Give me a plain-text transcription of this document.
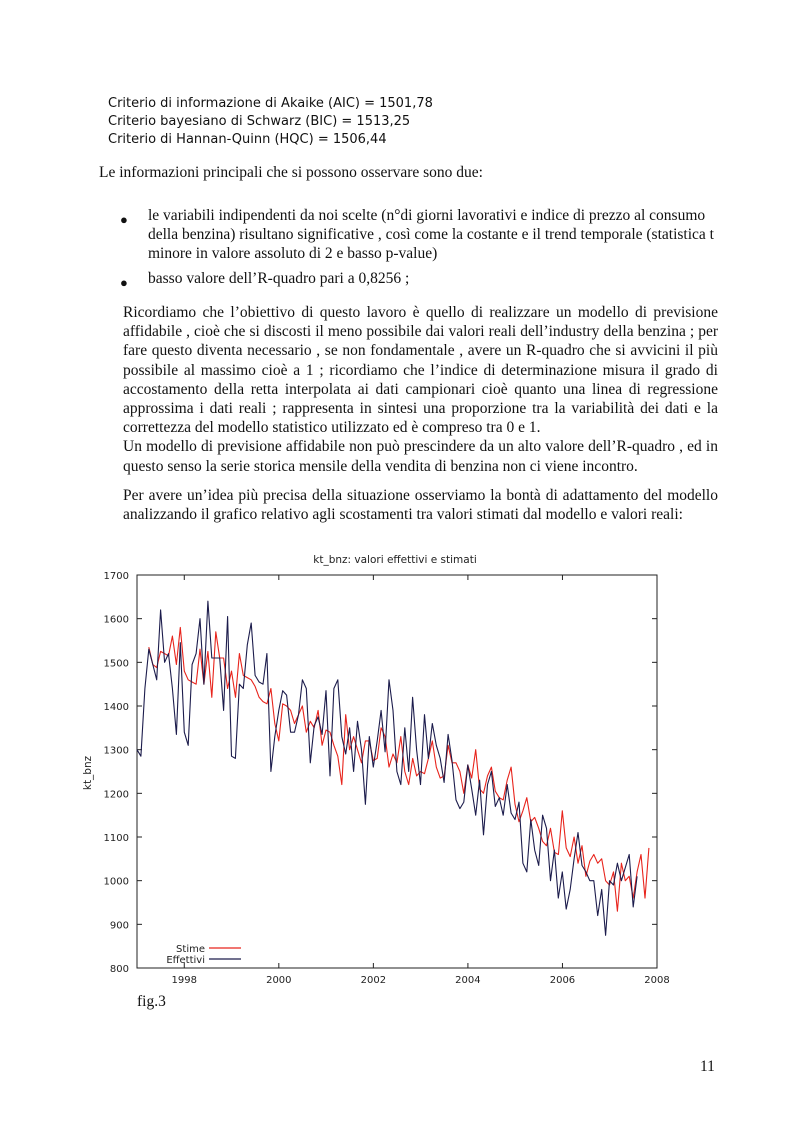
Criterio di informazione di Akaike (AIC) = 1501,78
Criterio bayesiano di Schwarz (BIC) = 1513,25
Criterio di Hannan-Quinn (HQC) = 1506,44
Le informazioni principali che si possono osservare sono due:
● le variabili indipendenti da noi scelte (n°di giorni lavorativi e indice di prezzo al consumo della benzina) risultano significative , così come la costante e il trend temporale (statistica t minore in valore assoluto di 2 e basso p-value)
● basso valore dell’R-quadro pari a 0,8256 ;

Ricordiamo che l’obiettivo di questo lavoro è quello di realizzare un modello di previsione affidabile , cioè che si discosti il meno possibile dai valori reali dell’industry della benzina ; per fare questo diventa necessario , se non fondamentale , avere un R-quadro che si avvicini il più possibile al massimo cioè a 1 ; ricordiamo che l’indice di determinazione misura il grado di accostamento della retta interpolata ai dati campionari cioè quanto una linea di regressione approssima i dati reali ; rappresenta in sintesi una proporzione tra la variabilità dei dati e la correttezza del modello statistico utilizzato ed è compreso tra 0 e 1.

Un modello di previsione affidabile non può prescindere da un alto valore dell’R-quadro , ed in questo senso la serie storica mensile della vendita di benzina non ci viene incontro.

Per avere un’idea più precisa della situazione osserviamo la bontà di adattamento del modello analizzando il grafico relativo agli scostamenti tra valori stimati dal modello e valori reali:
kt_bnz: valori effettivi e stimati
kt_bnz
800
900
1000
1100
1200
1300
1400
1500
1600
1700
1998	2000	2002	2004	2006	2008
Stime
Effettivi
fig.3
11
